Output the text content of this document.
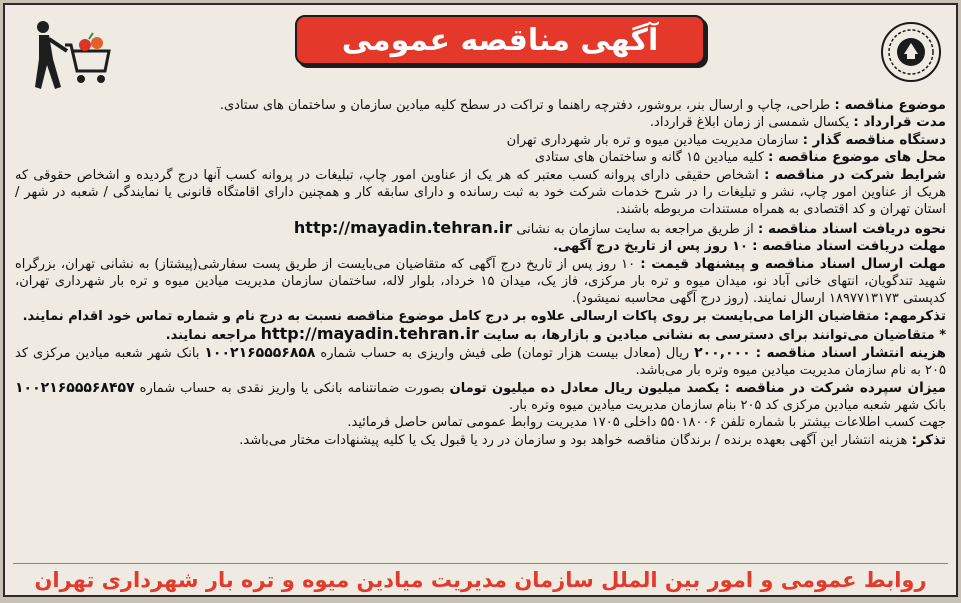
آگهی مناقصه عمومی

موضوع مناقصه : طراحی، چاپ و ارسال بنر، بروشور، دفترچه راهنما و تراکت در سطح کلیه میادین سازمان و ساختمان های ستادی.

مدت قرارداد : یکسال شمسی از زمان ابلاغ قرارداد.

دستگاه مناقصه گذار : سازمان مدیریت میادین میوه و تره بار شهرداری تهران

محل های موضوع مناقصه : کلیه میادین ۱۵ گانه و ساختمان های ستادی

شرایط شرکت در مناقصه : اشخاص حقیقی دارای پروانه کسب معتبر که هر یک از عناوین امور چاپ، تبلیغات در پروانه کسب آنها درج گردیده و اشخاص حقوقی که هریک از عناوین امور چاپ، نشر و تبلیغات را در شرح خدمات شرکت خود به ثبت رسانده و دارای سابقه کار و همچنین دارای اقامتگاه قانونی یا نمایندگی / شعبه در شهر / استان تهران و کد اقتصادی به همراه مستندات مربوطه باشند.

نحوه دریافت اسناد مناقصه : از طریق مراجعه به سایت سازمان به نشانی http://mayadin.tehran.ir

مهلت دریافت اسناد مناقصه : ۱۰ روز پس از تاریخ درج آگهی.

مهلت ارسال اسناد مناقصه و پیشنهاد قیمت : ۱۰ روز پس از تاریخ درج آگهی که متقاضیان می‌بایست از طریق پست سفارشی(پیشتاز) به نشانی تهران، بزرگراه شهید تندگویان، انتهای خانی آباد نو، میدان میوه و تره بار مرکزی، فاز یک، میدان ۱۵ خرداد، بلوار لاله، ساختمان سازمان مدیریت میادین میوه و تره بار شهرداری تهران، کدپستی ۱۸۹۷۷۱۳۱۷۳ ارسال نمایند. (روز درج آگهی محاسبه نمیشود).

تذکرمهم: متقاضیان الزاما می‌بایست بر روی پاکات ارسالی علاوه بر درج کامل موضوع مناقصه نسبت به درج نام و شماره تماس خود اقدام نمایند.

* متقاضیان می‌توانند برای دسترسی به نشانی میادین و بازارها، به سایت http://mayadin.tehran.ir مراجعه نمایند.

هزینه انتشار اسناد مناقصه : ۲۰۰,۰۰۰ ریال (معادل بیست هزار تومان) طی فیش واریزی به حساب شماره ۱۰۰۲۱۶۵۵۵۶۸۵۸ بانک شهر شعبه میادین مرکزی کد ۲۰۵ به نام سازمان مدیریت میادین میوه وتره بار می‌باشد.

میزان سپرده شرکت در مناقصه : یکصد میلیون ریال معادل ده میلیون تومان بصورت ضمانتنامه بانکی یا واریز نقدی به حساب شماره ۱۰۰۲۱۶۵۵۵۶۸۴۵۷ بانک شهر شعبه میادین مرکزی کد ۲۰۵ بنام سازمان مدیریت میادین میوه وتره بار.

جهت کسب اطلاعات بیشتر با شماره تلفن ۵۵۰۱۸۰۰۶ داخلی ۱۷۰۵ مدیریت روابط عمومی تماس حاصل فرمائید.

تذکر: هزینه انتشار این آگهی بعهده برنده / برندگان مناقصه خواهد بود و سازمان در رد یا قبول یک یا کلیه پیشنهادات مختار می‌باشد.

روابط عمومی و امور بین الملل سازمان مدیریت میادین میوه و تره بار شهرداری تهران
